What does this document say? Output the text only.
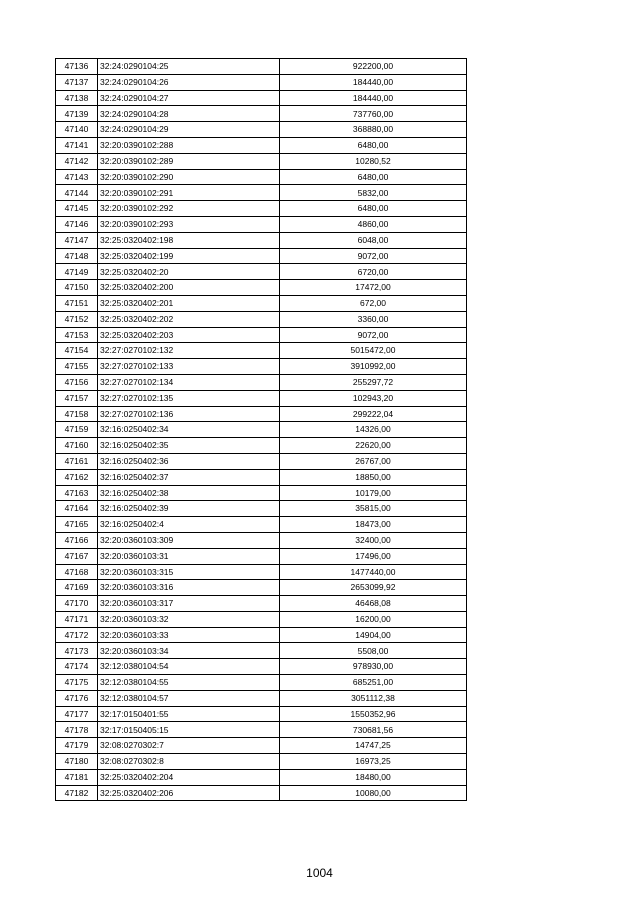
47136	32:24:0290104:25	922200,00
47137	32:24:0290104:26	184440,00
47138	32:24:0290104:27	184440,00
47139	32:24:0290104:28	737760,00
47140	32:24:0290104:29	368880,00
47141	32:20:0390102:288	6480,00
47142	32:20:0390102:289	10280,52
47143	32:20:0390102:290	6480,00
47144	32:20:0390102:291	5832,00
47145	32:20:0390102:292	6480,00
47146	32:20:0390102:293	4860,00
47147	32:25:0320402:198	6048,00
47148	32:25:0320402:199	9072,00
47149	32:25:0320402:20	6720,00
47150	32:25:0320402:200	17472,00
47151	32:25:0320402:201	672,00
47152	32:25:0320402:202	3360,00
47153	32:25:0320402:203	9072,00
47154	32:27:0270102:132	5015472,00
47155	32:27:0270102:133	3910992,00
47156	32:27:0270102:134	255297,72
47157	32:27:0270102:135	102943,20
47158	32:27:0270102:136	299222,04
47159	32:16:0250402:34	14326,00
47160	32:16:0250402:35	22620,00
47161	32:16:0250402:36	26767,00
47162	32:16:0250402:37	18850,00
47163	32:16:0250402:38	10179,00
47164	32:16:0250402:39	35815,00
47165	32:16:0250402:4	18473,00
47166	32:20:0360103:309	32400,00
47167	32:20:0360103:31	17496,00
47168	32:20:0360103:315	1477440,00
47169	32:20:0360103:316	2653099,92
47170	32:20:0360103:317	46468,08
47171	32:20:0360103:32	16200,00
47172	32:20:0360103:33	14904,00
47173	32:20:0360103:34	5508,00
47174	32:12:0380104:54	978930,00
47175	32:12:0380104:55	685251,00
47176	32:12:0380104:57	3051112,38
47177	32:17:0150401:55	1550352,96
47178	32:17:0150405:15	730681,56
47179	32:08:0270302:7	14747,25
47180	32:08:0270302:8	16973,25
47181	32:25:0320402:204	18480,00
47182	32:25:0320402:206	10080,00
1004
